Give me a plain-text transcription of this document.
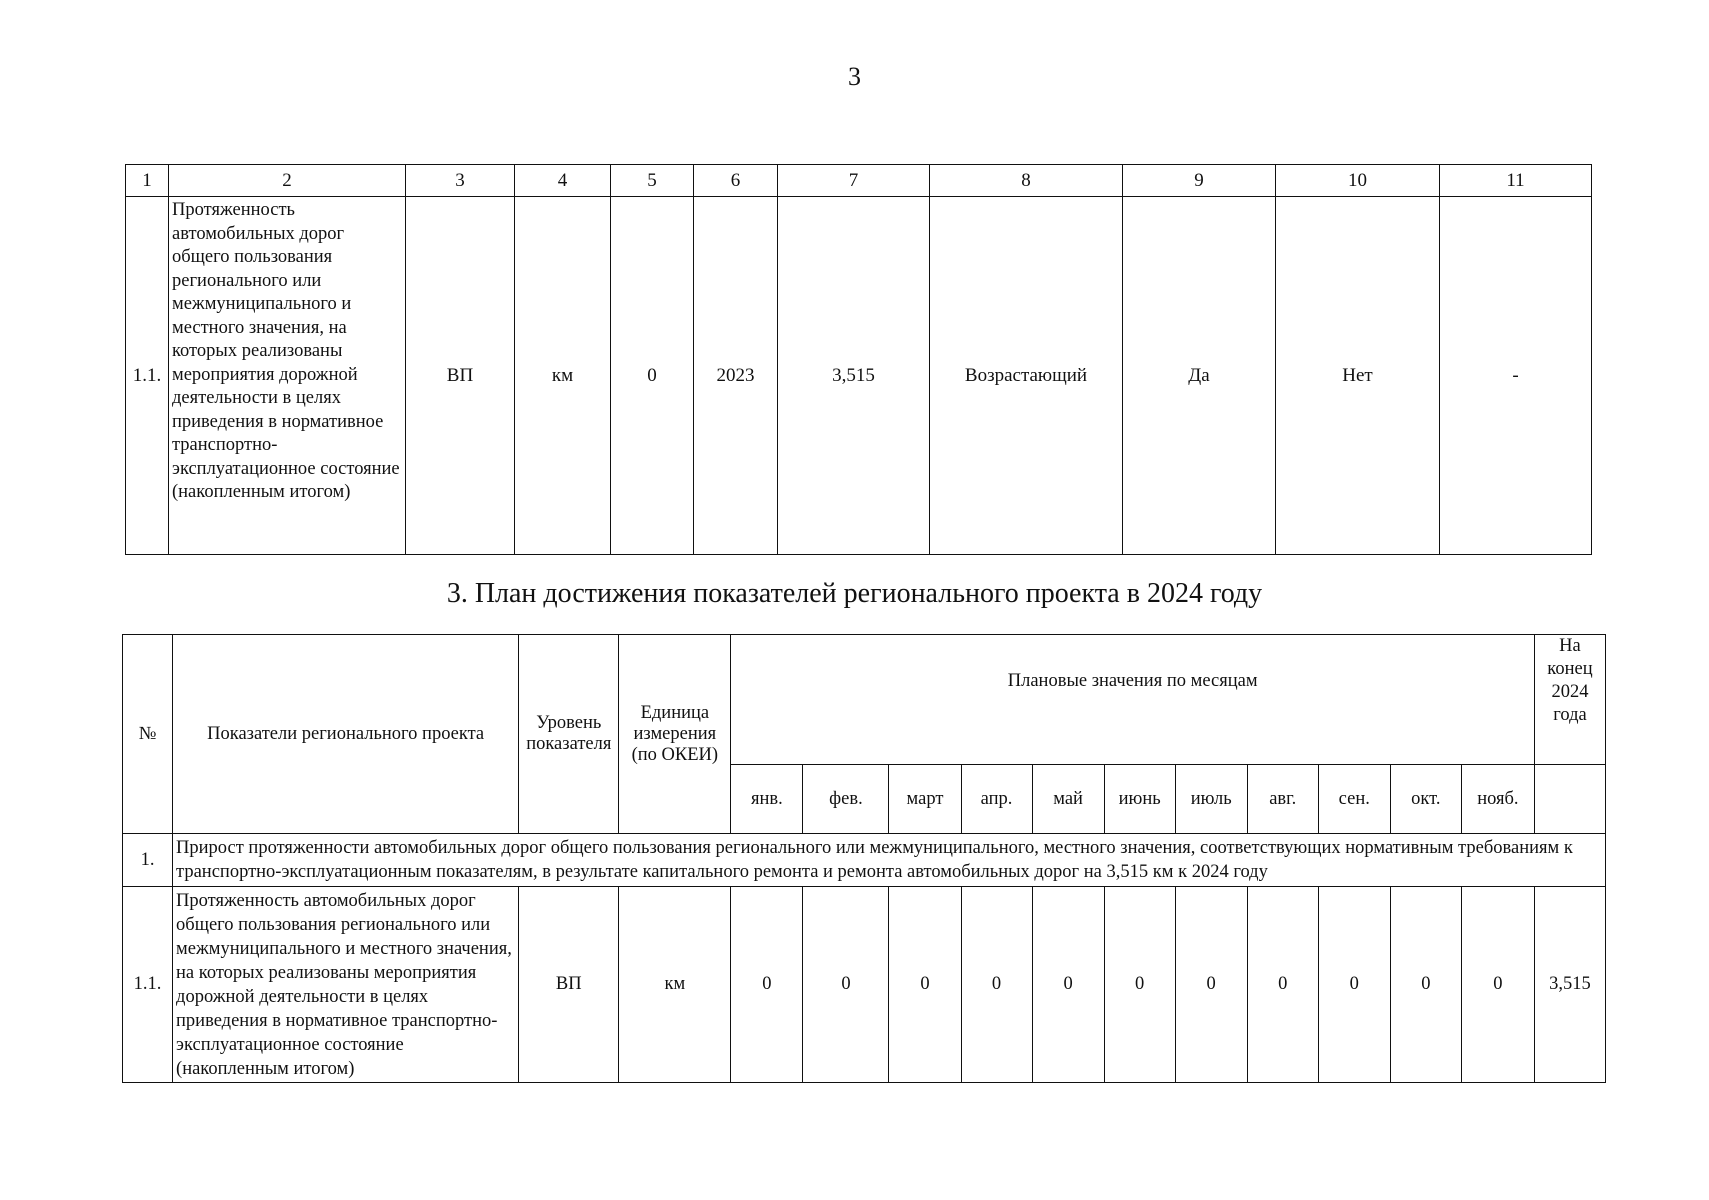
3
1	2	3	4	5	6	7	8	9	10	11
1.1.	Протяженность автомобильных дорог общего пользования регионального или межмуниципального и местного значения, на которых реализованы мероприятия дорожной деятельности в целях приведения в нормативное транспортно-эксплуатационное состояние (накопленным итогом)	ВП	км	0	2023	3,515	Возрастающий	Да	Нет	-
3. План достижения показателей регионального проекта в 2024 году
№	Показатели регионального проекта	Уровень показателя	Единица измерения (по ОКЕИ)	Плановые значения по месяцам											На конец 2024 года
				янв.	фев.	март	апр.	май	июнь	июль	авг.	сен.	окт.	нояб.	
1.	Прирост протяженности автомобильных дорог общего пользования регионального или межмуниципального, местного значения, соответствующих нормативным требованиям к транспортно-эксплуатационным показателям, в результате капитального ремонта и ремонта автомобильных дорог на 3,515 км к 2024 году														
1.1.	Протяженность автомобильных дорог общего пользования регионального или межмуниципального и местного значения, на которых реализованы мероприятия дорожной деятельности в целях приведения в нормативное транспортно-эксплуатационное состояние (накопленным итогом)	ВП	км	0	0	0	0	0	0	0	0	0	0	0	3,515
